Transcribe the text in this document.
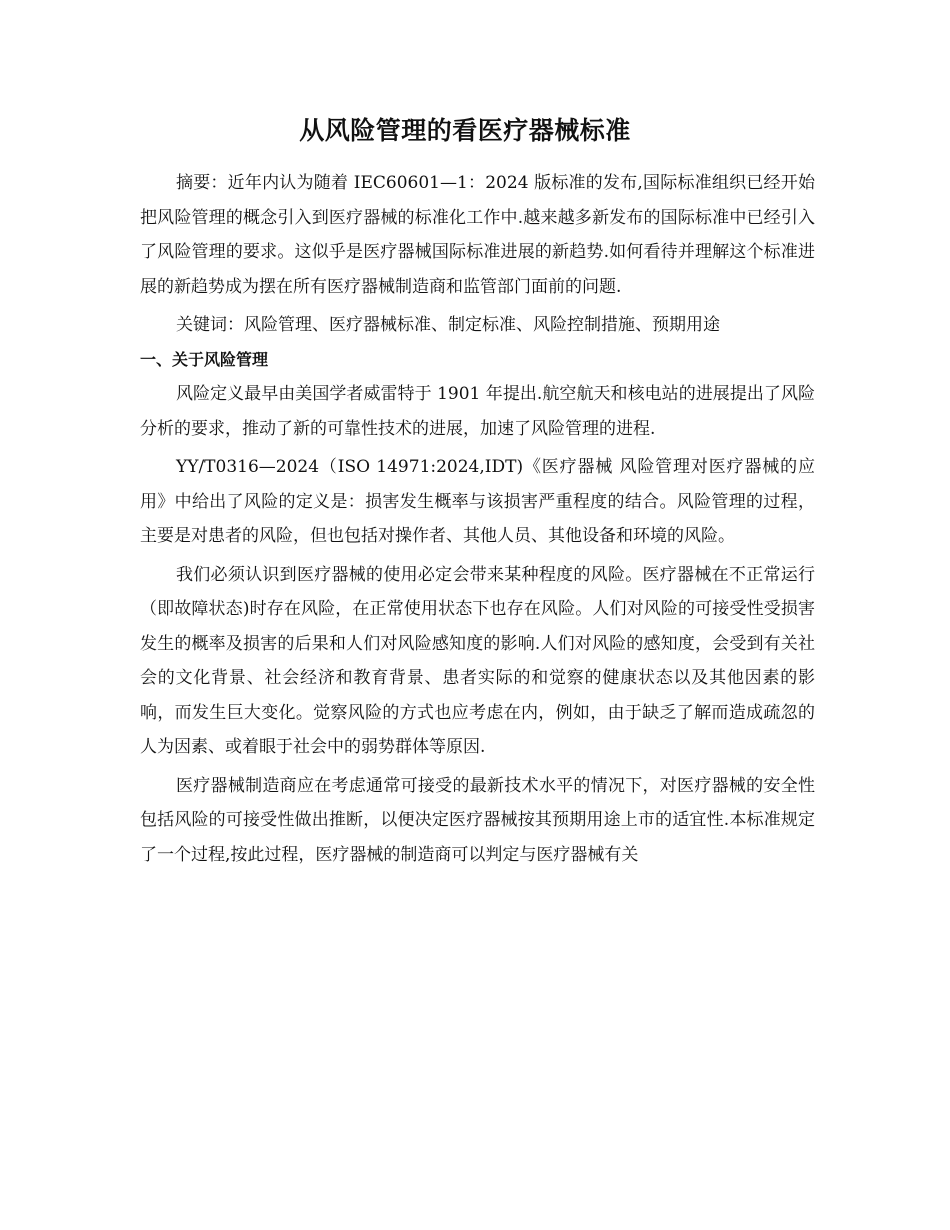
从风险管理的看医疗器械标准

摘要：近年内认为随着 IEC60601—1：2024 版标准的发布,国际标准组织已经开始把风险管理的概念引入到医疗器械的标准化工作中.越来越多新发布的国际标准中已经引入了风险管理的要求。这似乎是医疗器械国际标准进展的新趋势.如何看待并理解这个标准进展的新趋势成为摆在所有医疗器械制造商和监管部门面前的问题.

关键词：风险管理、医疗器械标准、制定标准、风险控制措施、预期用途

一、关于风险管理

风险定义最早由美国学者威雷特于 1901 年提出.航空航天和核电站的进展提出了风险分析的要求，推动了新的可靠性技术的进展，加速了风险管理的进程.

YY/T0316—2024（ISO 14971:2024,IDT)《医疗器械 风险管理对医疗器械的应用》中给出了风险的定义是：损害发生概率与该损害严重程度的结合。风险管理的过程，主要是对患者的风险，但也包括对操作者、其他人员、其他设备和环境的风险。

我们必须认识到医疗器械的使用必定会带来某种程度的风险。医疗器械在不正常运行（即故障状态)时存在风险，在正常使用状态下也存在风险。人们对风险的可接受性受损害发生的概率及损害的后果和人们对风险感知度的影响.人们对风险的感知度，会受到有关社会的文化背景、社会经济和教育背景、患者实际的和觉察的健康状态以及其他因素的影响，而发生巨大变化。觉察风险的方式也应考虑在内，例如，由于缺乏了解而造成疏忽的人为因素、或着眼于社会中的弱势群体等原因.

医疗器械制造商应在考虑通常可接受的最新技术水平的情况下，对医疗器械的安全性包括风险的可接受性做出推断，以便决定医疗器械按其预期用途上市的适宜性.本标准规定了一个过程,按此过程，医疗器械的制造商可以判定与医疗器械有关
